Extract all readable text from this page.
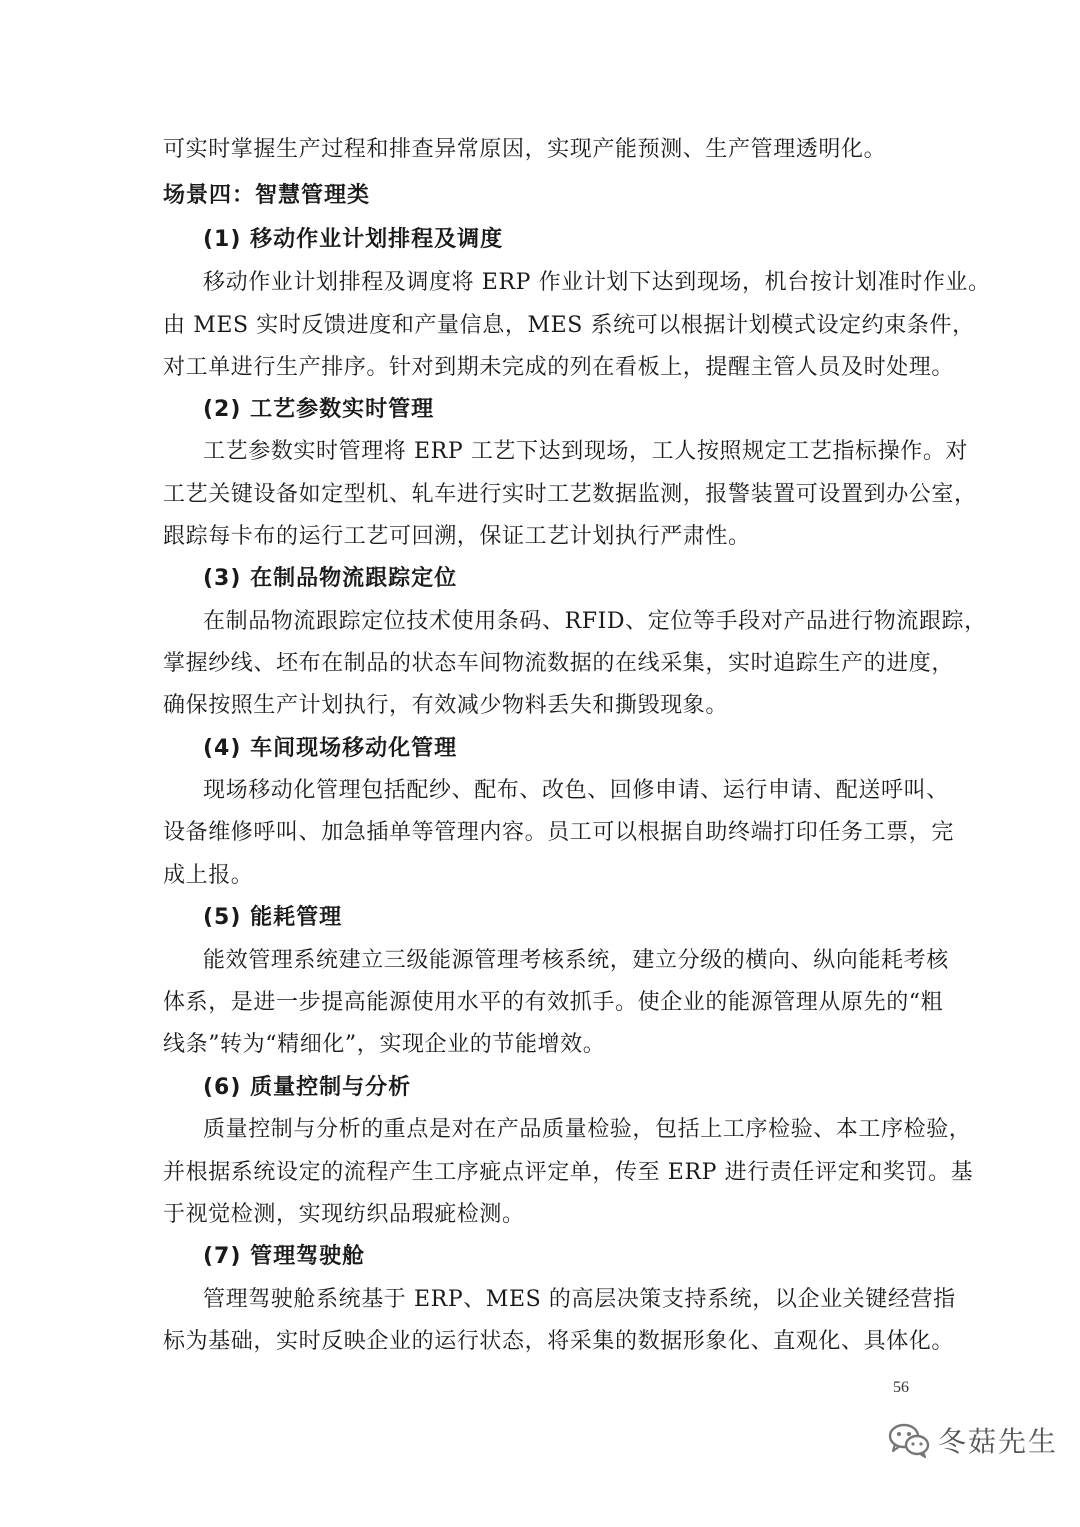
可实时掌握生产过程和排查异常原因，实现产能预测、生产管理透明化。
场景四：智慧管理类
(1) 移动作业计划排程及调度
移动作业计划排程及调度将 ERP 作业计划下达到现场，机台按计划准时作业。
由 MES 实时反馈进度和产量信息，MES 系统可以根据计划模式设定约束条件，
对工单进行生产排序。针对到期未完成的列在看板上，提醒主管人员及时处理。
(2) 工艺参数实时管理
工艺参数实时管理将 ERP 工艺下达到现场，工人按照规定工艺指标操作。对
工艺关键设备如定型机、轧车进行实时工艺数据监测，报警装置可设置到办公室，
跟踪每卡布的运行工艺可回溯，保证工艺计划执行严肃性。
(3) 在制品物流跟踪定位
在制品物流跟踪定位技术使用条码、RFID、定位等手段对产品进行物流跟踪，
掌握纱线、坯布在制品的状态车间物流数据的在线采集，实时追踪生产的进度，
确保按照生产计划执行，有效减少物料丢失和撕毁现象。
(4) 车间现场移动化管理
现场移动化管理包括配纱、配布、改色、回修申请、运行申请、配送呼叫、
设备维修呼叫、加急插单等管理内容。员工可以根据自助终端打印任务工票，完
成上报。
(5) 能耗管理
能效管理系统建立三级能源管理考核系统，建立分级的横向、纵向能耗考核
体系，是进一步提高能源使用水平的有效抓手。使企业的能源管理从原先的“粗
线条”转为“精细化”，实现企业的节能增效。
(6) 质量控制与分析
质量控制与分析的重点是对在产品质量检验，包括上工序检验、本工序检验，
并根据系统设定的流程产生工序疵点评定单，传至 ERP 进行责任评定和奖罚。基
于视觉检测，实现纺织品瑕疵检测。
(7) 管理驾驶舱
管理驾驶舱系统基于 ERP、MES 的高层决策支持系统，以企业关键经营指
标为基础，实时反映企业的运行状态，将采集的数据形象化、直观化、具体化。
56
冬菇先生
